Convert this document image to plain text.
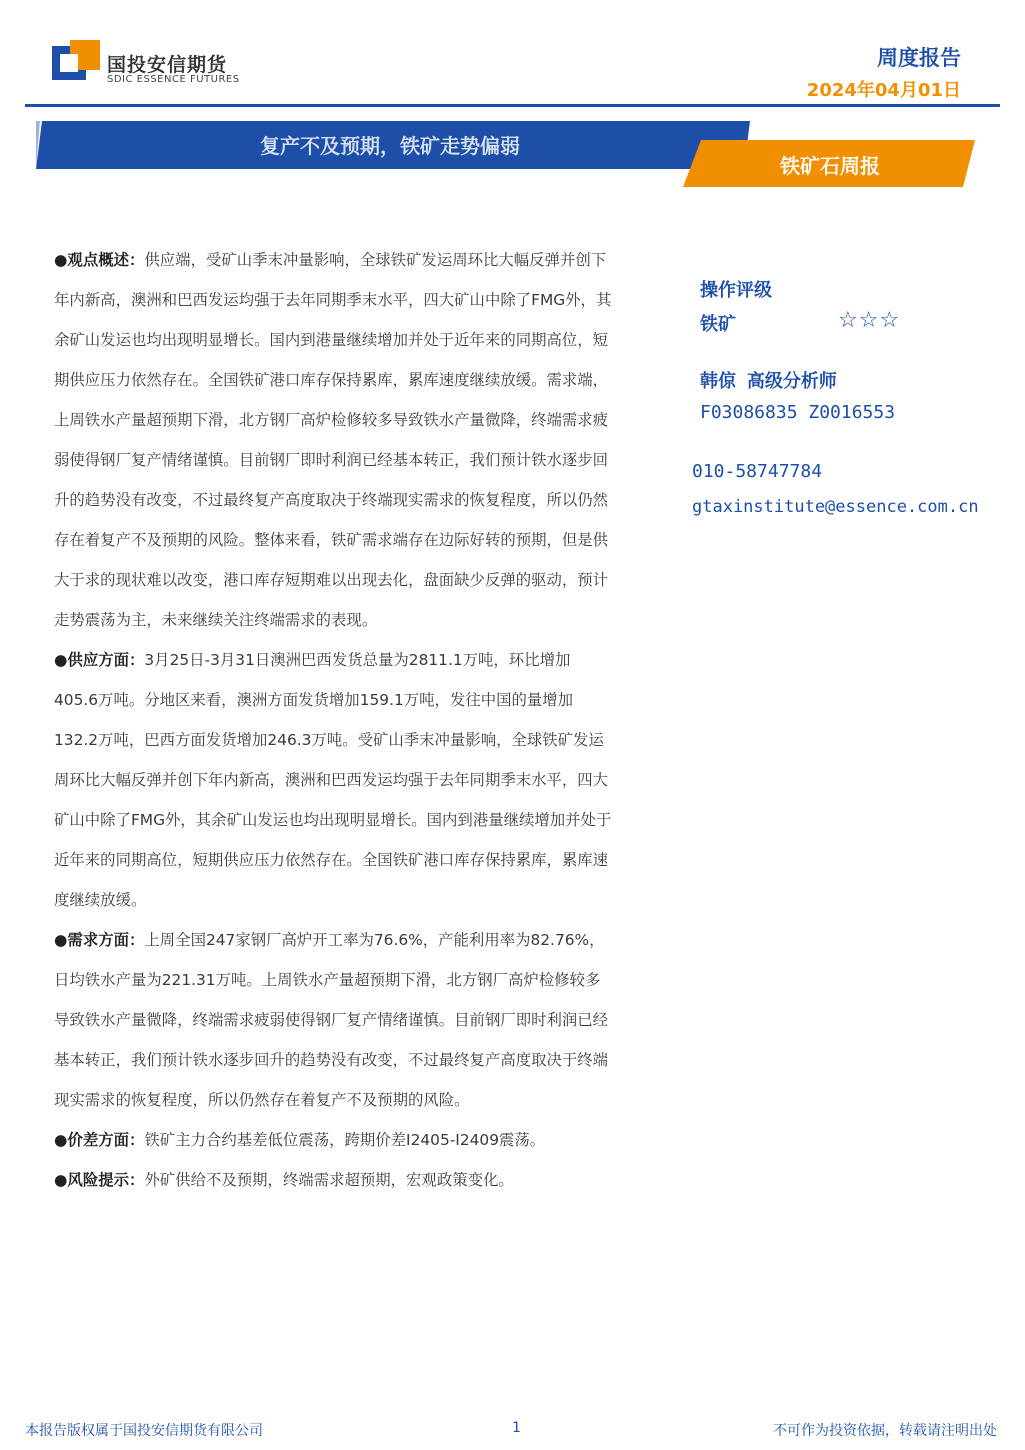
国投安信期货
SDIC ESSENCE FUTURES
周度报告
2024年04月01日
复产不及预期，铁矿走势偏弱
铁矿石周报

●观点概述：供应端，受矿山季末冲量影响，全球铁矿发运周环比大幅反弹并创下年内新高，澳洲和巴西发运均强于去年同期季末水平，四大矿山中除了FMG外，其余矿山发运也均出现明显增长。国内到港量继续增加并处于近年来的同期高位，短期供应压力依然存在。全国铁矿港口库存保持累库，累库速度继续放缓。需求端，上周铁水产量超预期下滑，北方钢厂高炉检修较多导致铁水产量微降，终端需求疲弱使得钢厂复产情绪谨慎。目前钢厂即时利润已经基本转正，我们预计铁水逐步回升的趋势没有改变，不过最终复产高度取决于终端现实需求的恢复程度，所以仍然存在着复产不及预期的风险。整体来看，铁矿需求端存在边际好转的预期，但是供大于求的现状难以改变，港口库存短期难以出现去化，盘面缺少反弹的驱动，预计走势震荡为主，未来继续关注终端需求的表现。

●供应方面：3月25日-3月31日澳洲巴西发货总量为2811.1万吨，环比增加405.6万吨。分地区来看，澳洲方面发货增加159.1万吨，发往中国的量增加132.2万吨，巴西方面发货增加246.3万吨。受矿山季末冲量影响，全球铁矿发运周环比大幅反弹并创下年内新高，澳洲和巴西发运均强于去年同期季末水平，四大矿山中除了FMG外，其余矿山发运也均出现明显增长。国内到港量继续增加并处于近年来的同期高位，短期供应压力依然存在。全国铁矿港口库存保持累库，累库速度继续放缓。

●需求方面：上周全国247家钢厂高炉开工率为76.6%，产能利用率为82.76%，日均铁水产量为221.31万吨。上周铁水产量超预期下滑，北方钢厂高炉检修较多导致铁水产量微降，终端需求疲弱使得钢厂复产情绪谨慎。目前钢厂即时利润已经基本转正，我们预计铁水逐步回升的趋势没有改变，不过最终复产高度取决于终端现实需求的恢复程度，所以仍然存在着复产不及预期的风险。

●价差方面：铁矿主力合约基差低位震荡，跨期价差I2405-I2409震荡。

●风险提示：外矿供给不及预期，终端需求超预期，宏观政策变化。

操作评级
铁矿	☆☆☆
韩倞 高级分析师
F03086835 Z0016553
010-58747784
gtaxinstitute@essence.com.cn
本报告版权属于国投安信期货有限公司	1	不可作为投资依据，转载请注明出处
